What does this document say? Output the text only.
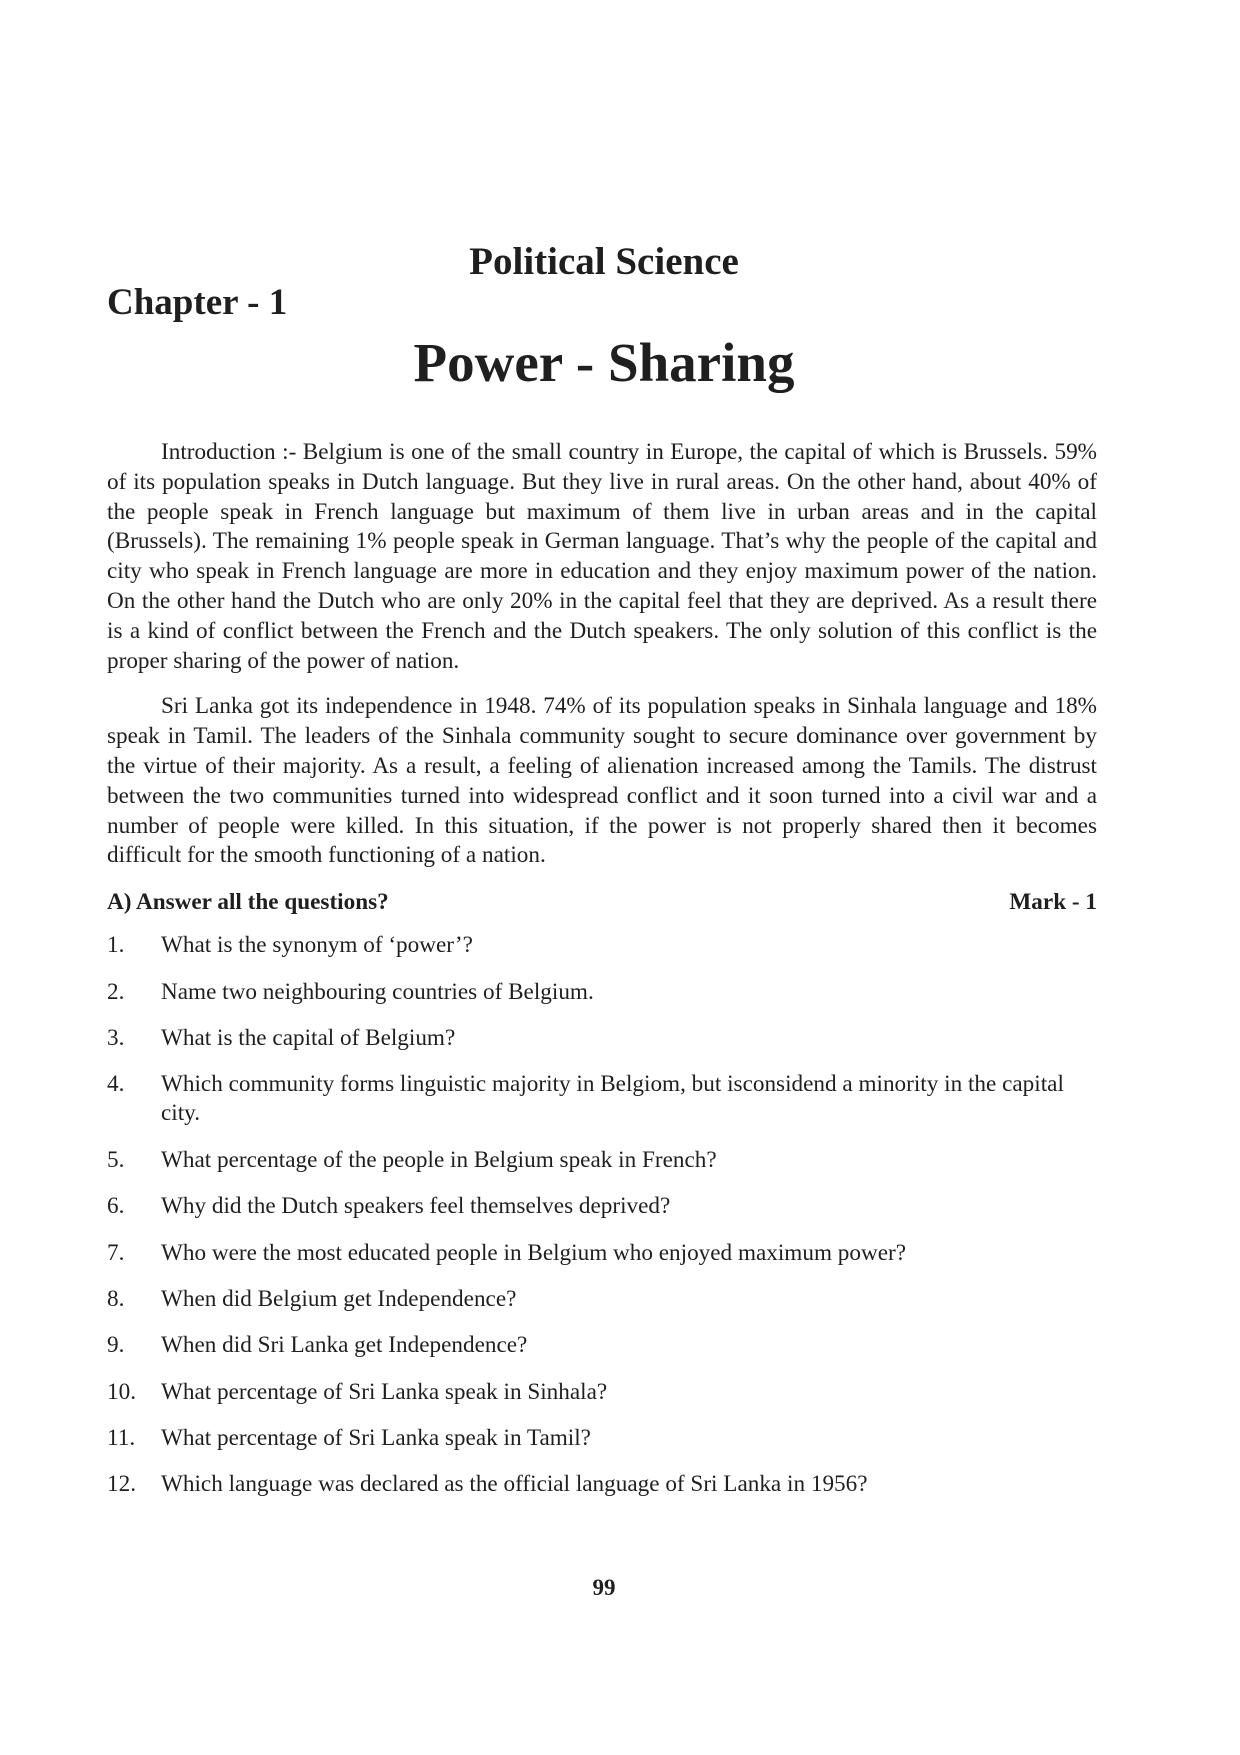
Political Science
Chapter - 1
Power - Sharing

Introduction :- Belgium is one of the small country in Europe, the capital of which is Brussels. 59% of its population speaks in Dutch language. But they live in rural areas. On the other hand, about 40% of the people speak in French language but maximum of them live in urban areas and in the capital (Brussels). The remaining 1% people speak in German language. That’s why the people of the capital and city who speak in French language are more in education and they enjoy maximum power of the nation. On the other hand the Dutch who are only 20% in the capital feel that they are deprived. As a result there is a kind of conflict between the French and the Dutch speakers. The only solution of this conflict is the proper sharing of the power of nation.

Sri Lanka got its independence in 1948. 74% of its population speaks in Sinhala language and 18% speak in Tamil. The leaders of the Sinhala community sought to secure dominance over government by the virtue of their majority. As a result, a feeling of alienation increased among the Tamils. The distrust between the two communities turned into widespread conflict and it soon turned into a civil war and a number of people were killed. In this situation, if the power is not properly shared then it becomes difficult for the smooth functioning of a nation.

A) Answer all the questions?	Mark - 1
1.	What is the synonym of ‘power’?
2.	Name two neighbouring countries of Belgium.
3.	What is the capital of Belgium?
4.	Which community forms linguistic majority in Belgiom, but isconsidend a minority in the capital city.
5.	What percentage of the people in Belgium speak in French?
6.	Why did the Dutch speakers feel themselves deprived?
7.	Who were the most educated people in Belgium who enjoyed maximum power?
8.	When did Belgium get Independence?
9.	When did Sri Lanka get Independence?
10.	What percentage of Sri Lanka speak in Sinhala?
11.	What percentage of Sri Lanka speak in Tamil?
12.	Which language was declared as the official language of Sri Lanka in 1956?
99
